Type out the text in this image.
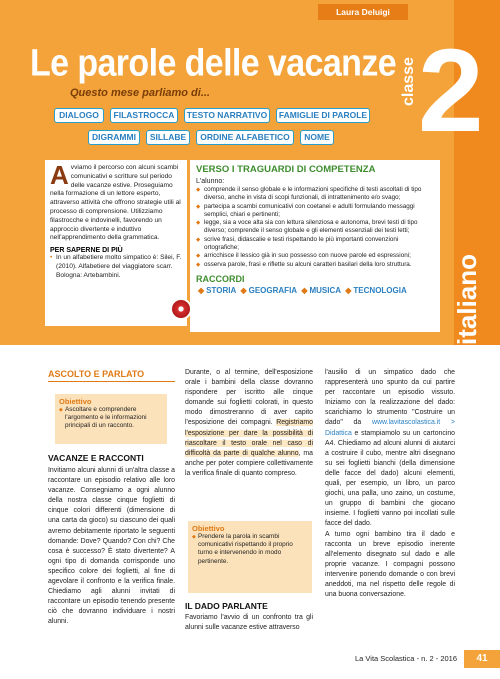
Laura Deluigi
Le parole delle vacanze
Questo mese parliamo di...	classe 2
italiano
DIALOGO	FILASTROCCA	TESTO NARRATIVO	FAMIGLIE DI PAROLE
DIGRAMMI	SILLABE	ORDINE ALFABETICO	NOME
A vviamo il percorso con alcuni scambi comunicativi e scritture sul periodo delle vacanze estive. Proseguiamo nella formazione di un lettore esperto, attraverso attività che offrono strategie utili al processo di comprensione. Utilizziamo filastrocche e indovinelli, favorendo un approccio divertente e induttivo nell'apprendimento della grammatica.

PER SAPERNE DI PIÙ
• In un alfabetiere molto simpatico è: Silei, F. (2010). Alfabetiere del viaggiatore scarr. Bologna: Artebambini.
VERSO I TRAGUARDI DI COMPETENZA
L'alunno:
◆ comprende il senso globale e le informazioni specifiche di testi ascoltati di tipo diverso, anche in vista di scopi funzionali, di intrattenimento e/o svago;
◆ partecipa a scambi comunicativi con coetanei e adulti formulando messaggi semplici, chiari e pertinenti;
◆ legge, sia a voce alta sia con lettura silenziosa e autonoma, brevi testi di tipo diverso; comprende il senso globale e gli elementi essenziali dei testi letti;
◆ scrive frasi, didascalie e testi rispettando le più importanti convenzioni ortografiche;
◆ arricchisce il lessico già in suo possesso con nuove parole ed espressioni;
◆ osserva parole, frasi e riflette su alcuni caratteri basilari della loro struttura.
RACCORDI
◆ STORIA ◆ GEOGRAFIA ◆ MUSICA ◆ TECNOLOGIA
ASCOLTO E PARLATO
Obiettivo
◆ Ascoltare e comprendere l'argomento e le informazioni principali di un racconto.
VACANZE E RACCONTI

Invitiamo alcuni alunni di un'altra classe a raccontare un episodio relativo alle loro vacanze. Consegniamo a ogni alunno della nostra classe cinque foglietti di cinque colori differenti (dimensione di una carta da gioco) su ciascuno dei quali avremo debitamente riportato le seguenti domande: Dove? Quando? Con chi? Che cosa è successo? È stato divertente? A ogni tipo di domanda corrisponde uno specifico colore dei foglietti, al fine di agevolare il confronto e la verifica finale. Chiediamo agli alunni invitati di raccontare un episodio tenendo presente ciò che dovranno individuare i nostri alunni.

Durante, o al termine, dell'esposizione orale i bambini della classe dovranno rispondere per iscritto alle cinque domande sui foglietti colorati, in questo modo dimostreranno di aver capito l'esposizione dei compagni. Registriamo l'esposizione per dare la possibilità di riascoltare il testo orale nel caso di difficoltà da parte di qualche alunno, ma anche per poter compiere collettivamente la verifica finale di quanto compreso.

Obiettivo
◆ Prendere la parola in scambi comunicativi rispettando il proprio turno e intervenendo in modo pertinente.
IL DADO PARLANTE

Favoriamo l'avvio di un confronto tra gli alunni sulle vacanze estive attraverso

l'ausilio di un simpatico dado che rappresenterà uno spunto da cui partire per raccontare un episodio vissuto. Iniziamo con la realizzazione del dado: scarichiamo lo strumento "Costruire un dado" da www.lavitascolastica.it > Didattica e stampiamolo su un cartoncino A4. Chiediamo ad alcuni alunni di aiutarci a costruire il cubo, mentre altri disegnano su sei foglietti bianchi (della dimensione delle facce del dado) alcuni elementi, quali, per esempio, un libro, un parco giochi, una palla, uno zaino, un costume, un gruppo di bambini che giocano insieme. I foglietti vanno poi incollati sulle facce del dado.

A turno ogni bambino tira il dado e racconta un breve episodio inerente all'elemento disegnato sul dado e alle proprie vacanze. I compagni possono intervenire ponendo domande o con brevi aneddoti, ma nel rispetto delle regole di una buona conversazione.

La Vita Scolastica - n. 2 - 2016	41
